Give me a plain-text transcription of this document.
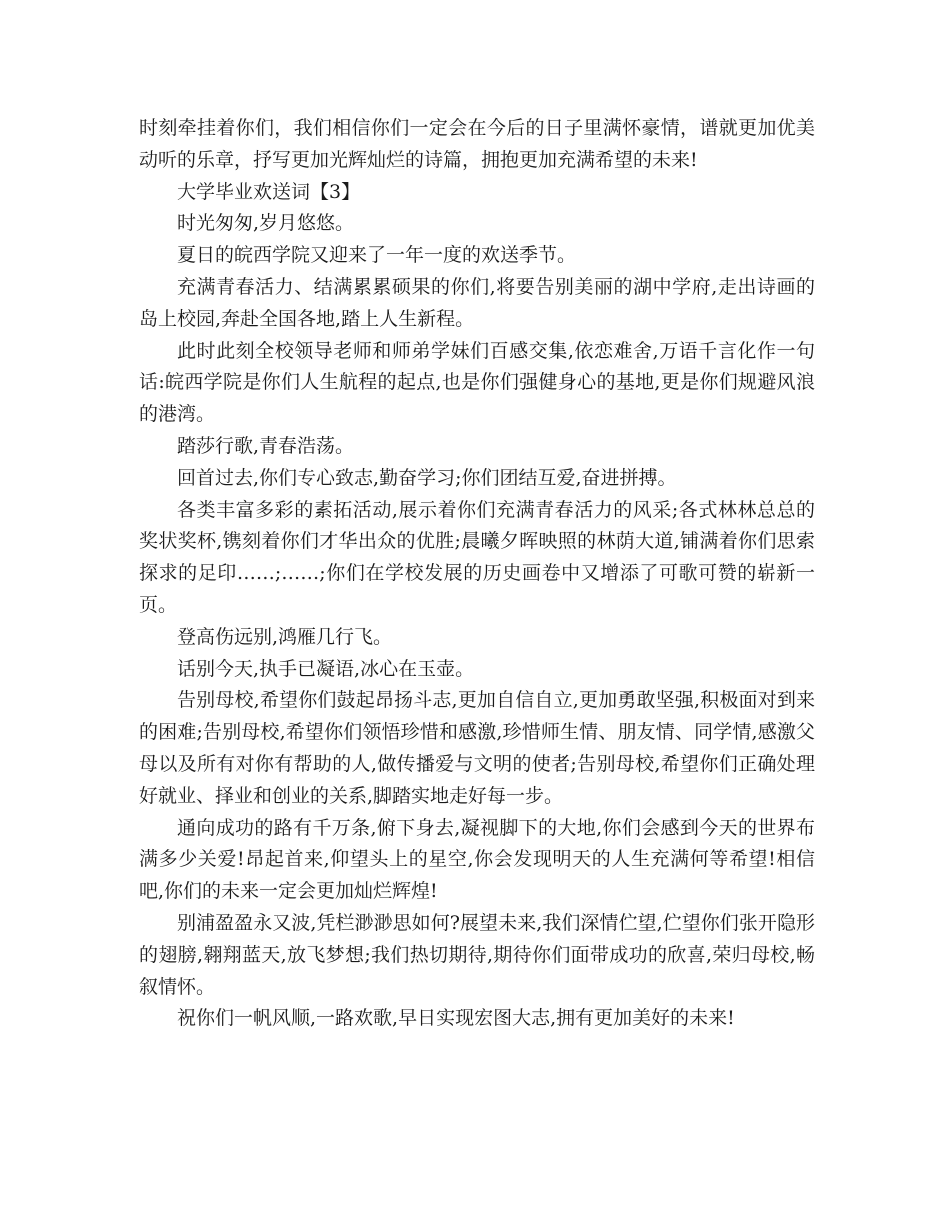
时刻牵挂着你们，我们相信你们一定会在今后的日子里满怀豪情，谱就更加优美动听的乐章，抒写更加光辉灿烂的诗篇，拥抱更加充满希望的未来!

大学毕业欢送词【3】

时光匆匆,岁月悠悠。

夏日的皖西学院又迎来了一年一度的欢送季节。

充满青春活力、结满累累硕果的你们,将要告别美丽的湖中学府,走出诗画的岛上校园,奔赴全国各地,踏上人生新程。

此时此刻全校领导老师和师弟学妹们百感交集,依恋难舍,万语千言化作一句话:皖西学院是你们人生航程的起点,也是你们强健身心的基地,更是你们规避风浪的港湾。

踏莎行歌,青春浩荡。

回首过去,你们专心致志,勤奋学习;你们团结互爱,奋进拼搏。

各类丰富多彩的素拓活动,展示着你们充满青春活力的风采;各式林林总总的奖状奖杯,镌刻着你们才华出众的优胜;晨曦夕晖映照的林荫大道,铺满着你们思索探求的足印……;……;你们在学校发展的历史画卷中又增添了可歌可赞的崭新一页。

登高伤远别,鸿雁几行飞。

话别今天,执手已凝语,冰心在玉壶。

告别母校,希望你们鼓起昂扬斗志,更加自信自立,更加勇敢坚强,积极面对到来的困难;告别母校,希望你们领悟珍惜和感激,珍惜师生情、朋友情、同学情,感激父母以及所有对你有帮助的人,做传播爱与文明的使者;告别母校,希望你们正确处理好就业、择业和创业的关系,脚踏实地走好每一步。

通向成功的路有千万条,俯下身去,凝视脚下的大地,你们会感到今天的世界布满多少关爱!昂起首来,仰望头上的星空,你会发现明天的人生充满何等希望!相信吧,你们的未来一定会更加灿烂辉煌!

别浦盈盈永又波,凭栏渺渺思如何?展望未来,我们深情伫望,伫望你们张开隐形的翅膀,翱翔蓝天,放飞梦想;我们热切期待,期待你们面带成功的欣喜,荣归母校,畅叙情怀。

祝你们一帆风顺,一路欢歌,早日实现宏图大志,拥有更加美好的未来!
